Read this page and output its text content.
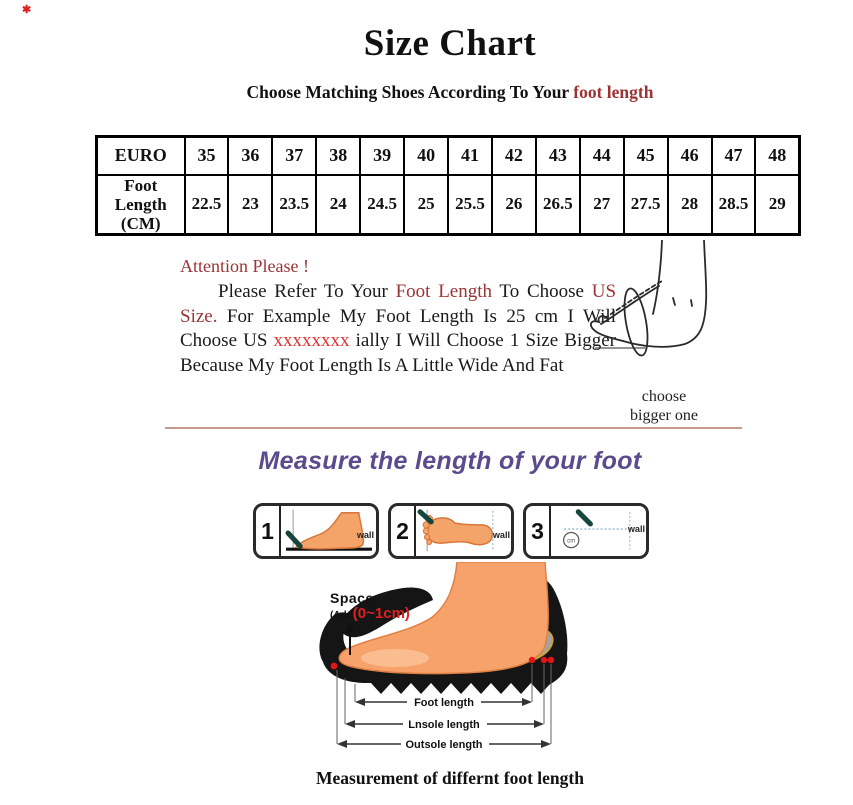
✱
Size Chart
Choose Matching Shoes According To Your foot length
EURO	35	36	37	38	39	40	41	42	43	44	45	46	47	48
Foot Length (CM)	22.5	23	23.5	24	24.5	25	25.5	26	26.5	27	27.5	28	28.5	29
Attention Please !
Please Refer To Your Foot Length To Choose US Size. For Example My Foot Length Is 25 cm I Will Choose US xxxxxxxx ially I Will Choose 1 Size Bigger Because My Foot Length Is A Little Wide And Fat
choose
bigger one
Measure the length of your foot
1	wall 2	wall 3	cm
wall
Foot length
Lnsole length
Outsole length
Space
(Add(0~1cm)
Measurement of differnt foot length
